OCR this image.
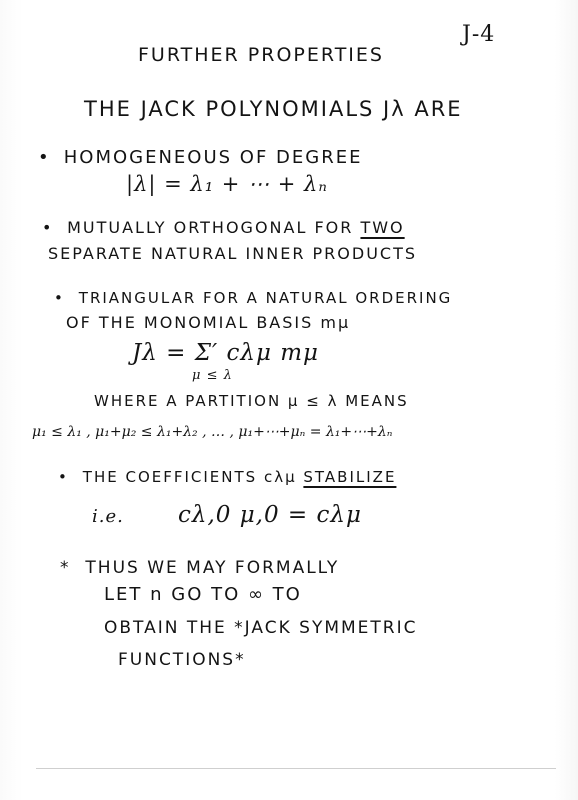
J-4
FURTHER PROPERTIES
THE JACK POLYNOMIALS Jλ ARE
• HOMOGENEOUS OF DEGREE
|λ| = λ₁ + ⋯ + λₙ
• MUTUALLY ORTHOGONAL FOR TWO
SEPARATE NATURAL INNER PRODUCTS
• TRIANGULAR FOR A NATURAL ORDERING
OF THE MONOMIAL BASIS mμ
Jλ = Σ′ cλμ mμ
μ ≤ λ
WHERE A PARTITION μ ≤ λ MEANS
μ₁ ≤ λ₁ , μ₁+μ₂ ≤ λ₁+λ₂ , … , μ₁+⋯+μₙ = λ₁+⋯+λₙ
• THE COEFFICIENTS cλμ STABILIZE
i.e. cλ,0 μ,0 = cλμ
* THUS WE MAY FORMALLY
LET n GO TO ∞ TO
OBTAIN THE *JACK SYMMETRIC
FUNCTIONS*
